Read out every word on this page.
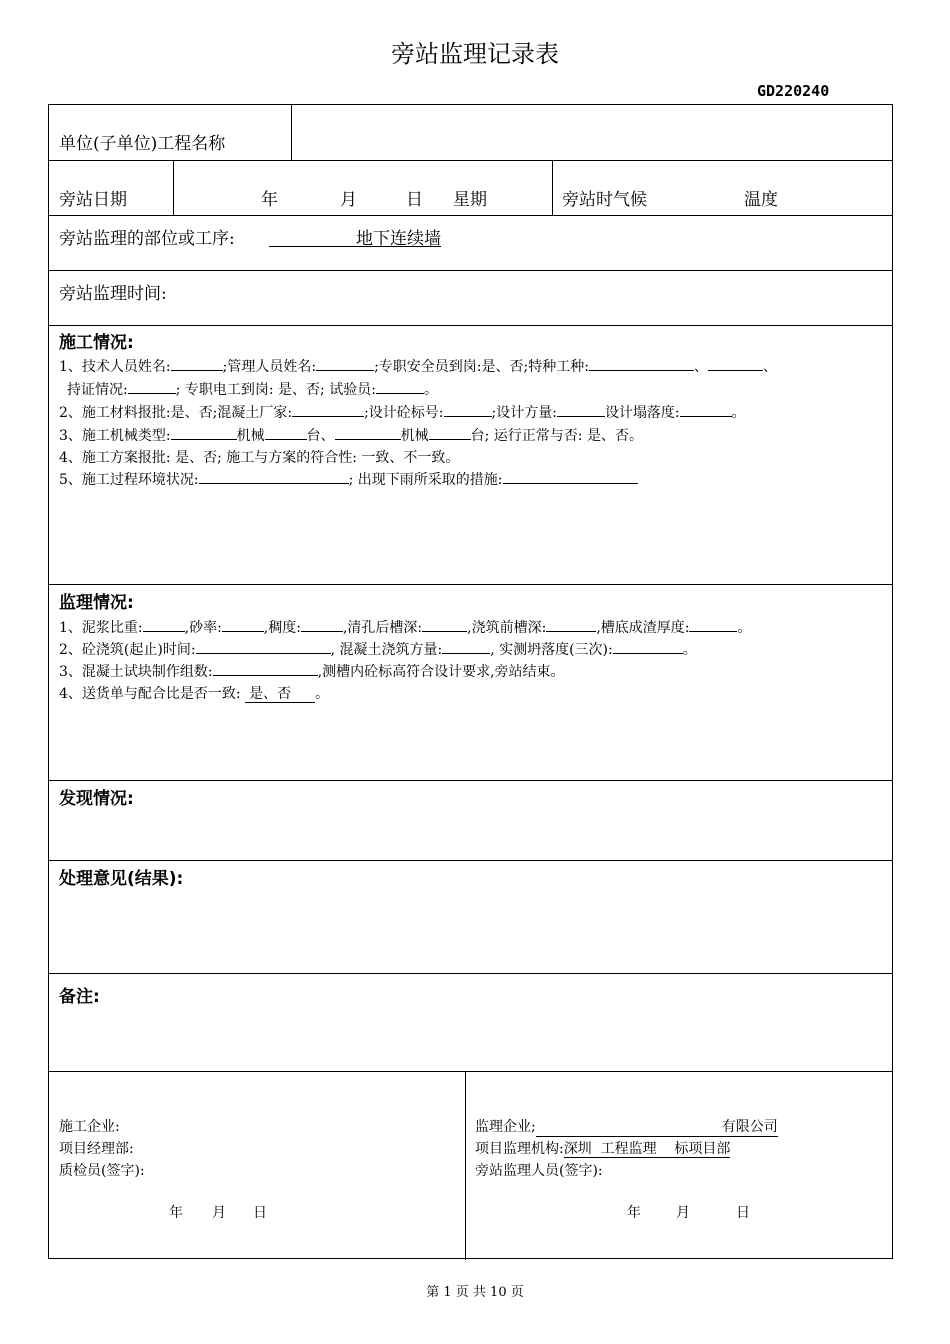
旁站监理记录表
GD220240
单位(子单位)工程名称
旁站日期	年	月	日 星期	旁站时气候	温度
旁站监理的部位或工序:	地下连续墙
旁站监理时间:
施工情况:
1、技术人员姓名:	;管理人员姓名:	;专职安全员到岗:是、否;特种工种:	、	、
持证情况:	; 专职电工到岗: 是、否; 试验员:	。
2、施工材料报批:是、否;混凝土厂家:	;设计砼标号:	;设计方量:	设计塌落度:	。
3、施工机械类型:	机械	台、	机械	台; 运行正常与否: 是、否。
4、施工方案报批: 是、否; 施工与方案的符合性: 一致、不一致。
5、施工过程环境状况:	; 出现下雨所采取的措施:
监理情况:
1、泥浆比重:	,砂率:	,稠度:	,清孔后槽深:	,浇筑前槽深:	,槽底成渣厚度:	。
2、砼浇筑(起止)时间:	, 混凝土浇筑方量:	, 实测坍落度(三次):	。
3、混凝土试块制作组数:	,测槽内砼标高符合设计要求,旁站结束。
4、送货单与配合比是否一致: 是、否 。
发现情况:
处理意见(结果):
备注:
施工企业:
项目经理部:
质检员(签字):
年 月 日
监理企业;	有限公司
项目监理机构:深圳  工程监理    标项目部
旁站监理人员(签字):
年	月	日
第 1 页 共 10 页
